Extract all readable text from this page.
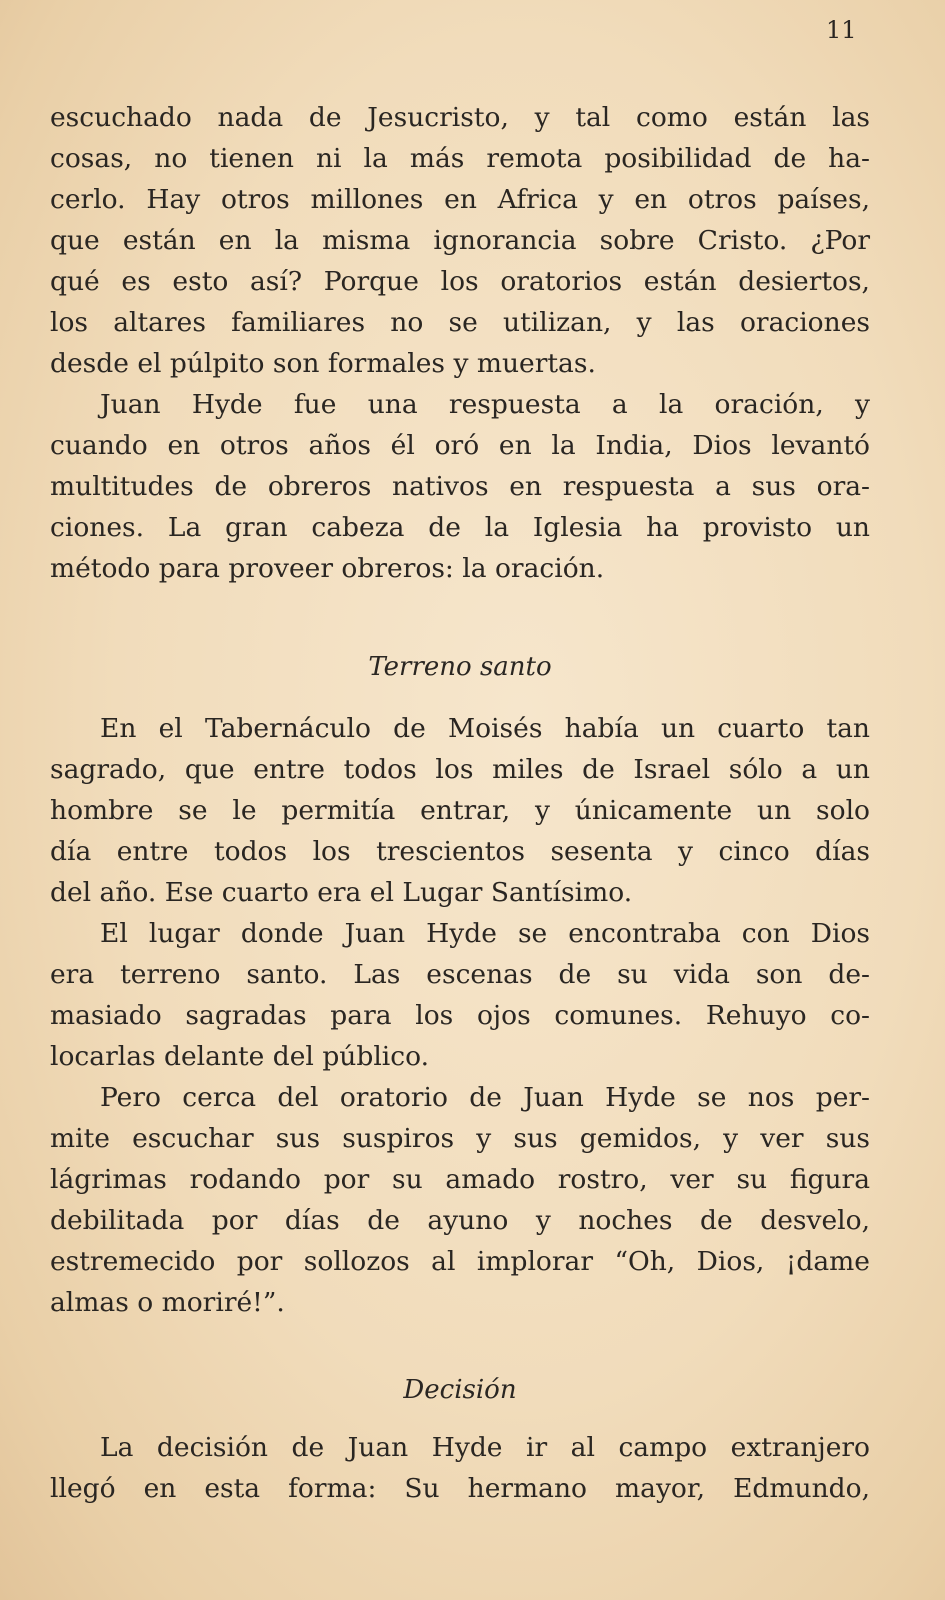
11
escuchado nada de Jesucristo, y tal como están las
cosas, no tienen ni la más remota posibilidad de ha-
cerlo. Hay otros millones en Africa y en otros países,
que están en la misma ignorancia sobre Cristo. ¿Por
qué es esto así? Porque los oratorios están desiertos,
los altares familiares no se utilizan, y las oraciones
desde el púlpito son formales y muertas.
Juan Hyde fue una respuesta a la oración, y
cuando en otros años él oró en la India, Dios levantó
multitudes de obreros nativos en respuesta a sus ora-
ciones. La gran cabeza de la Iglesia ha provisto un
método para proveer obreros: la oración.
Terreno santo
En el Tabernáculo de Moisés había un cuarto tan
sagrado, que entre todos los miles de Israel sólo a un
hombre se le permitía entrar, y únicamente un solo
día entre todos los trescientos sesenta y cinco días
del año. Ese cuarto era el Lugar Santísimo.
El lugar donde Juan Hyde se encontraba con Dios
era terreno santo. Las escenas de su vida son de-
masiado sagradas para los ojos comunes. Rehuyo co-
locarlas delante del público.
Pero cerca del oratorio de Juan Hyde se nos per-
mite escuchar sus suspiros y sus gemidos, y ver sus
lágrimas rodando por su amado rostro, ver su figura
debilitada por días de ayuno y noches de desvelo,
estremecido por sollozos al implorar “Oh, Dios, ¡dame
almas o moriré!”.
Decisión
La decisión de Juan Hyde ir al campo extranjero
llegó en esta forma: Su hermano mayor, Edmundo,
